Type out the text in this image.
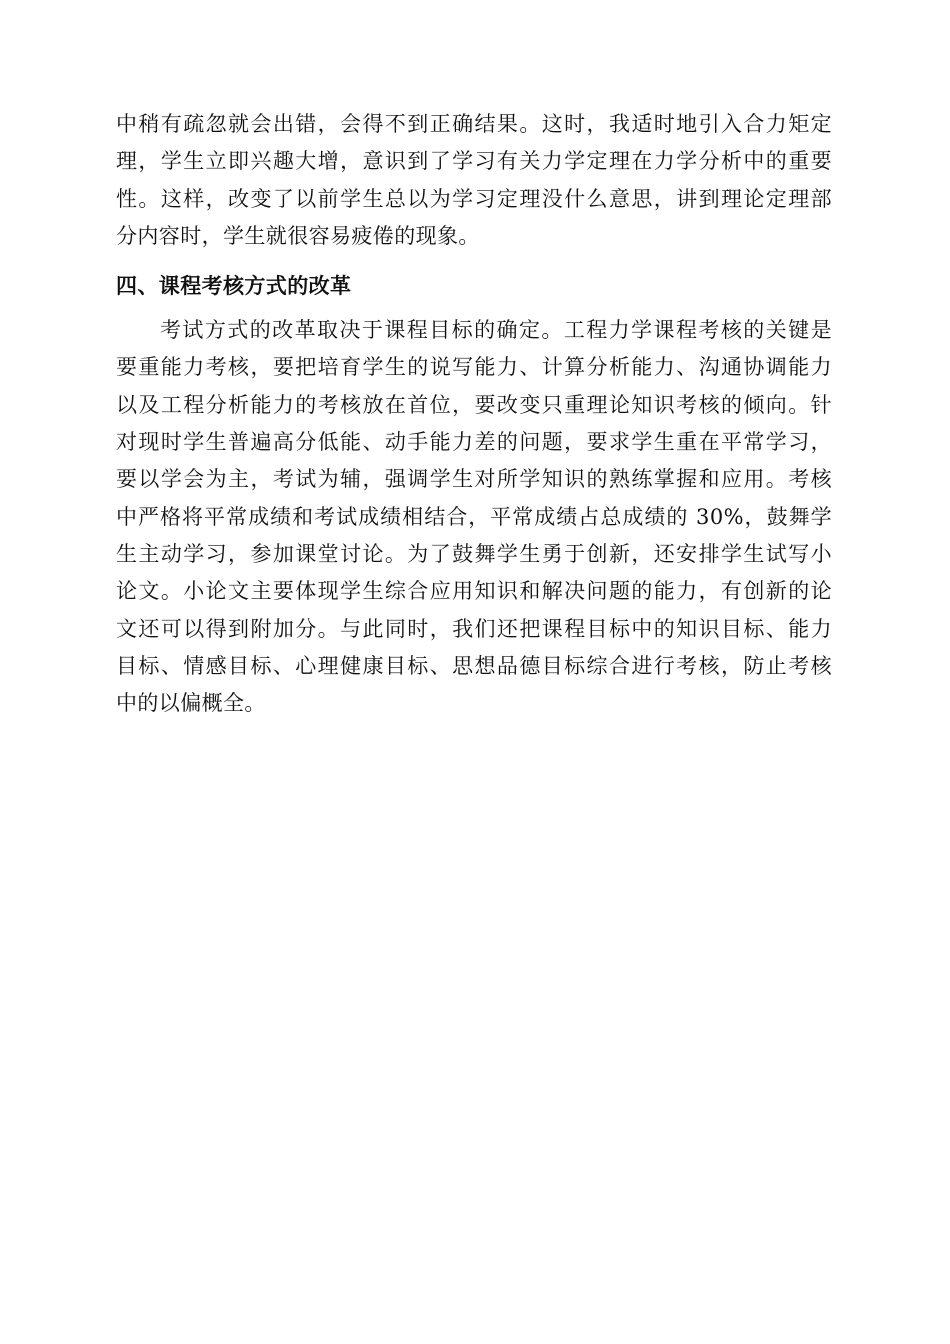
中稍有疏忽就会出错，会得不到正确结果。这时，我适时地引入合力矩定
理，学生立即兴趣大增，意识到了学习有关力学定理在力学分析中的重要
性。这样，改变了以前学生总以为学习定理没什么意思，讲到理论定理部
分内容时，学生就很容易疲倦的现象。
四、课程考核方式的改革
考试方式的改革取决于课程目标的确定。工程力学课程考核的关键是
要重能力考核，要把培育学生的说写能力、计算分析能力、沟通协调能力
以及工程分析能力的考核放在首位，要改变只重理论知识考核的倾向。针
对现时学生普遍高分低能、动手能力差的问题，要求学生重在平常学习，
要以学会为主，考试为辅，强调学生对所学知识的熟练掌握和应用。考核
中严格将平常成绩和考试成绩相结合，平常成绩占总成绩的 30%，鼓舞学
生主动学习，参加课堂讨论。为了鼓舞学生勇于创新，还安排学生试写小
论文。小论文主要体现学生综合应用知识和解决问题的能力，有创新的论
文还可以得到附加分。与此同时，我们还把课程目标中的知识目标、能力
目标、情感目标、心理健康目标、思想品德目标综合进行考核，防止考核
中的以偏概全。
